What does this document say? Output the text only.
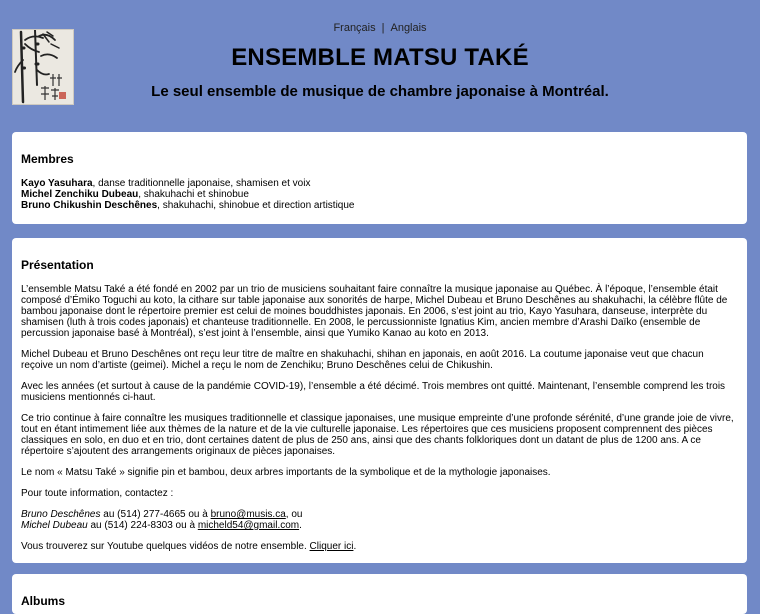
Français | Anglais
ENSEMBLE MATSU TAKÉ

Le seul ensemble de musique de chambre japonaise à Montréal.

Membres
Kayo Yasuhara, danse traditionnelle japonaise, shamisen et voix
Michel Zenchiku Dubeau, shakuhachi et shinobue
Bruno Chikushin Deschênes, shakuhachi, shinobue et direction artistique
Présentation

L’ensemble Matsu Také a été fondé en 2002 par un trio de musiciens souhaitant faire connaître la musique japonaise au Québec. À l’époque, l’ensemble était composé d’Émiko Toguchi au koto, la cithare sur table japonaise aux sonorités de harpe, Michel Dubeau et Bruno Deschênes au shakuhachi, la célèbre flûte de bambou japonaise dont le répertoire premier est celui de moines bouddhistes japonais. En 2006, s’est joint au trio, Kayo Yasuhara, danseuse, interprète du shamisen (luth à trois codes japonais) et chanteuse traditionnelle. En 2008, le percussionniste Ignatius Kim, ancien membre d’Arashi Daïko (ensemble de percussion japonaise basé à Montréal), s’est joint à l’ensemble, ainsi que Yumiko Kanao au koto en 2013.

Michel Dubeau et Bruno Deschênes ont reçu leur titre de maître en shakuhachi, shihan en japonais, en août 2016. La coutume japonaise veut que chacun reçoive un nom d’artiste (geimei). Michel a reçu le nom de Zenchiku; Bruno Deschênes celui de Chikushin.

Avec les années (et surtout à cause de la pandémie COVID-19), l’ensemble a été décimé. Trois membres ont quitté. Maintenant, l’ensemble comprend les trois musiciens mentionnés ci-haut.

Ce trio continue à faire connaître les musiques traditionnelle et classique japonaises, une musique empreinte d’une profonde sérénité, d’une grande joie de vivre, tout en étant intimement liée aux thèmes de la nature et de la vie culturelle japonaise. Les répertoires que ces musiciens proposent comprennent des pièces classiques en solo, en duo et en trio, dont certaines datent de plus de 250 ans, ainsi que des chants folkloriques dont un datant de plus de 1200 ans. A ce répertoire s’ajoutent des arrangements originaux de pièces japonaises.

Le nom « Matsu Také » signifie pin et bambou, deux arbres importants de la symbolique et de la mythologie japonaises.

Pour toute information, contactez :

Bruno Deschênes au (514) 277-4665 ou à bruno@musis.ca, ou
Michel Dubeau au (514) 224-8303 ou à micheld54@gmail.com.

Vous trouverez sur Youtube quelques vidéos de notre ensemble. Cliquer ici.

Albums
